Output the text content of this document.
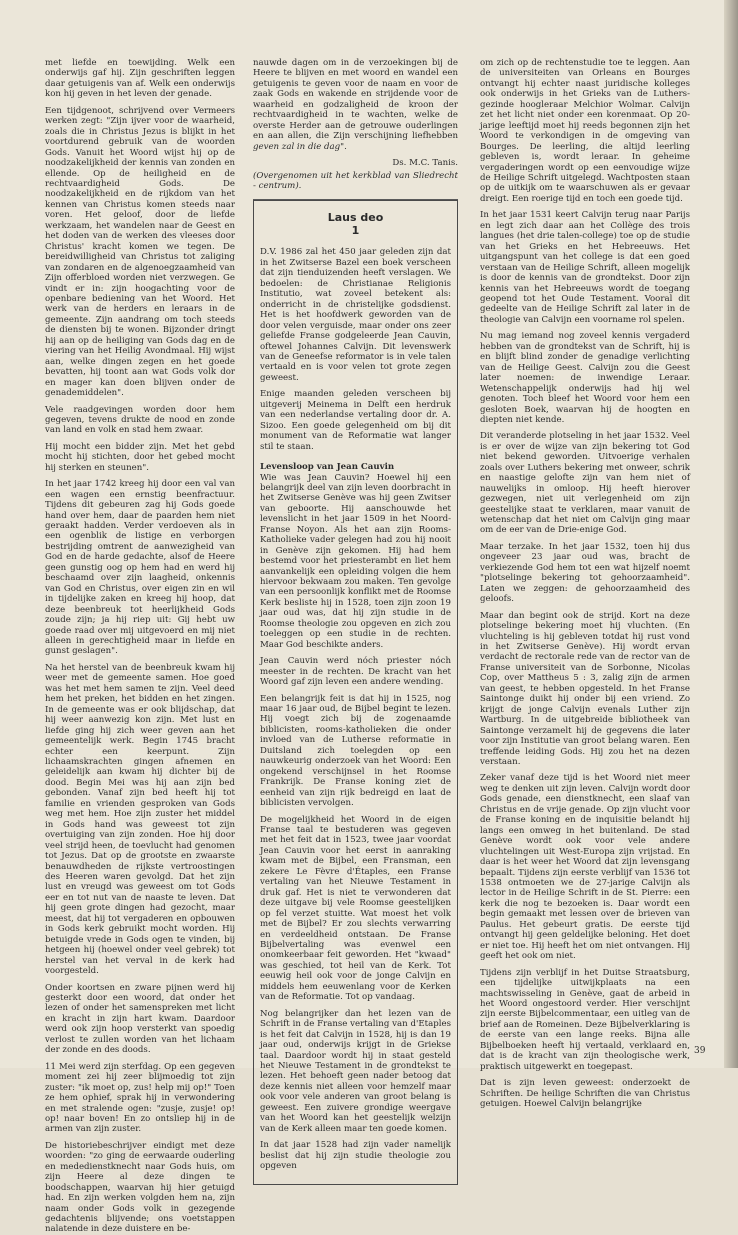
met liefde en toewijding. Welk een onderwijs gaf hij. Zijn geschriften leggen daar getuigenis van af. Welk een onderwijs kon hij geven in het leven der genade.

Een tijdgenoot, schrijvend over Vermeers werken zegt: "Zijn ijver voor de waarheid, zoals die in Christus Jezus is blijkt in het voortdurend gebruik van de woorden Gods. Vanuit het Woord wijst hij op de noodzakelijkheid der kennis van zonden en ellende. Op de heiligheid en de rechtvaardigheid Gods. De noodzakelijkheid en de rijkdom van het kennen van Christus komen steeds naar voren. Het geloof, door de liefde werkzaam, het wandelen naar de Geest en het doden van de werken des vleeses door Christus' kracht komen we tegen. De bereidwilligheid van Christus tot zaliging van zondaren en de algenoegzaamheid van Zijn offerbloed worden niet verzwegen. Ge vindt er in: zijn hoogachting voor de openbare bediening van het Woord. Het werk van de herders en leraars in de gemeente. Zijn aandrang om toch steeds de diensten bij te wonen. Bijzonder dringt hij aan op de heiliging van Gods dag en de viering van het Heilig Avondmaal. Hij wijst aan, welke dingen zegen en het goede bevatten, hij toont aan wat Gods volk dor en mager kan doen blijven onder de genademiddelen".

Vele raadgevingen worden door hem gegeven, tevens drukte de nood en zonde van land en volk en stad hem zwaar.

Hij mocht een bidder zijn. Met het gebd mocht hij stichten, door het gebed mocht hij sterken en steunen".

In het jaar 1742 kreeg hij door een val van een wagen een ernstig beenfractuur. Tijdens dit gebeuren zag hij Gods goede hand over hem, daar de paarden hem niet geraakt hadden. Verder verdoeven als in een ogenblik de listige en verborgen bestrijding omtrent de aanwezigheid van God en de harde gedachte, alsof de Heere geen gunstig oog op hem had en werd hij beschaamd over zijn laagheid, onkennis van God en Christus, over eigen zin en wil in tijdelijke zaken en kreeg hij hoop, dat deze beenbreuk tot heerlijkheid Gods zoude zijn; ja hij riep uit: Gij hebt uw goede raad over mij uitgevoerd en mij niet alleen in gerechtigheid maar in liefde en gunst geslagen".

Na het herstel van de beenbreuk kwam hij weer met de gemeente samen. Hoe goed was het met hem samen te zijn. Veel deed hem het preken, het bidden en het zingen. In de gemeente was er ook blijdschap, dat hij weer aanwezig kon zijn. Met lust en liefde ging hij zich weer geven aan het gemeentelijk werk. Begin 1745 bracht echter een keerpunt. Zijn lichaamskrachten gingen afnemen en geleidelijk aan kwam hij dichter bij de dood. Begin Mei was hij aan zijn bed gebonden. Vanaf zijn bed heeft hij tot familie en vrienden gesproken van Gods weg met hem. Hoe zijn zuster het middel in Gods hand was geweest tot zijn overtuiging van zijn zonden. Hoe hij door veel strijd heen, de toevlucht had genomen tot Jezus. Dat op de grootste en zwaarste benauwdheden de rijkste vertroostingen des Heeren waren gevolgd. Dat het zijn lust en vreugd was geweest om tot Gods eer en tot nut van de naaste te leven. Dat hij geen grote dingen had gezocht, maar meest, dat hij tot vergaderen en opbouwen in Gods kerk gebruikt mocht worden. Hij betuigde vrede in Gods ogen te vinden, bij hetgeen hij (hoewel onder veel gebrek) tot herstel van het verval in de kerk had voorgesteld.

Onder koortsen en zware pijnen werd hij gesterkt door een woord, dat onder het lezen of onder het samenspreken met licht en kracht in zijn hart kwam. Daardoor werd ook zijn hoop versterkt van spoedig verlost te zullen worden van het lichaam der zonde en des doods.

11 Mei werd zijn sterfdag. Op een gegeven moment zei hij zeer blijmoedig tot zijn zuster: "ik moet op, zus! help mij op!" Toen ze hem ophief, sprak hij in verwondering en met stralende ogen: "zusje, zusje! op! op! naar boven! En zo ontsliep hij in de armen van zijn zuster.

De historiebeschrijver eindigt met deze woorden: "zo ging de eerwaarde ouderling en mededienstknecht naar Gods huis, om zijn Heere al deze dingen te boodschappen, waarvan hij hier getuigd had. En zijn werken volgden hem na, zijn naam onder Gods volk in gezegende gedachtenis blijvende; ons voetstappen nalatende in deze duistere en be-

nauwde dagen om in de verzoekingen bij de Heere te blijven en met woord en wandel een getuigenis te geven voor de naam en voor de zaak Gods en wakende en strijdende voor de waarheid en godzaligheid de kroon der rechtvaardigheid in te wachten, welke de overste Herder aan de getrouwe ouderlingen en aan allen, die Zijn verschijning liefhebben geven zal in die dag".

Ds. M.C. Tanis.
(Overgenomen uit het kerkblad van Sliedrecht - centrum).
Laus deo
1

D.V. 1986 zal het 450 jaar geleden zijn dat in het Zwitserse Bazel een boek verscheen dat zijn tienduizenden heeft verslagen. We bedoelen: de Christianae Religionis Institutio, wat zoveel betekent als: onderricht in de christelijke godsdienst. Het is het hoofdwerk geworden van de door velen verguisde, maar onder ons zeer geliefde Franse godgeleerde Jean Cauvin, oftewel Johannes Calvijn. Dit levenswerk van de Geneefse reformator is in vele talen vertaald en is voor velen tot grote zegen geweest.

Enige maanden geleden verscheen bij uitgeverij Meinema in Delft een herdruk van een nederlandse vertaling door dr. A. Sizoo. Een goede gelegenheid om bij dit monument van de Reformatie wat langer stil te staan.

Levensloop van Jean Cauvin

Wie was Jean Cauvin? Hoewel hij een belangrijk deel van zijn leven doorbracht in het Zwitserse Genève was hij geen Zwitser van geboorte. Hij aanschouwde het levenslicht in het jaar 1509 in het Noord-Franse Noyon. Als het aan zijn Rooms-Katholieke vader gelegen had zou hij nooit in Genève zijn gekomen. Hij had hem bestemd voor het priesterambt en liet hem aanvankelijk een opleiding volgen die hem hiervoor bekwaam zou maken. Ten gevolge van een persoonlijk konflikt met de Roomse Kerk besliste hij in 1528, toen zijn zoon 19 jaar oud was, dat hij zijn studie in de Roomse theologie zou opgeven en zich zou toeleggen op een studie in de rechten. Maar God beschikte anders.

Jean Cauvin werd nóch priester nóch meester in de rechten. De kracht van het Woord gaf zijn leven een andere wending.

Een belangrijk feit is dat hij in 1525, nog maar 16 jaar oud, de Bijbel begint te lezen. Hij voegt zich bij de zogenaamde biblicisten, rooms-katholieken die onder invloed van de Lutherse reformatie in Duitsland zich toelegden op een nauwkeurig onderzoek van het Woord: Een ongekend verschijnsel in het Roomse Frankrijk. De Franse koning ziet de eenheid van zijn rijk bedreigd en laat de biblicisten vervolgen.

De mogelijkheid het Woord in de eigen Franse taal te bestuderen was gegeven met het feit dat in 1523, twee jaar voordat Jean Cauvin voor het eerst in aanraking kwam met de Bijbel, een Fransman, een zekere Le Fèvre d'Étaples, een Franse vertaling van het Nieuwe Testament in druk gaf. Het is niet te verwonderen dat deze uitgave bij vele Roomse geestelijken op fel verzet stuitte. Wat moest het volk met de Bijbel? Er zou slechts verwarring en verdeeldheid ontstaan. De Franse Bijbelvertaling was evenwel een onomkeerbaar feit geworden. Het "kwaad" was geschied, tot heil van de Kerk. Tot eeuwig heil ook voor de jonge Calvijn en middels hem eeuwenlang voor de Kerken van de Reformatie. Tot op vandaag.

Nog belangrijker dan het lezen van de Schrift in de Franse vertaling van d'Etaples is het feit dat Calvijn in 1528, hij is dan 19 jaar oud, onderwijs krijgt in de Griekse taal. Daardoor wordt hij in staat gesteld het Nieuwe Testament in de grondtekst te lezen. Het behoeft geen nader betoog dat deze kennis niet alleen voor hemzelf maar ook voor vele anderen van groot belang is geweest. Een zuivere grondige weergave van het Woord kan het geestelijk welzijn van de Kerk alleen maar ten goede komen.

In dat jaar 1528 had zijn vader namelijk beslist dat hij zijn studie theologie zou opgeven

om zich op de rechtenstudie toe te leggen. Aan de universiteiten van Orleans en Bourges ontvangt hij echter naast juridische kolleges ook onderwijs in het Grieks van de Luthers-gezinde hoogleraar Melchior Wolmar. Calvijn zet het licht niet onder een korenmaat. Op 20-jarige leeftijd moet hij reeds begonnen zijn het Woord te verkondigen in de omgeving van Bourges. De leerling, die altijd leerling gebleven is, wordt leraar. In geheime vergaderingen wordt op een eenvoudige wijze de Heilige Schrift uitgelegd. Wachtposten staan op de uitkijk om te waarschuwen als er gevaar dreigt. Een roerige tijd en toch een goede tijd.

In het jaar 1531 keert Calvijn terug naar Parijs en legt zich daar aan het Collège des trois langues (het drie talen-college) toe op de studie van het Grieks en het Hebreeuws. Het uitgangspunt van het college is dat een goed verstaan van de Heilige Schrift, alleen mogelijk is door de kennis van de grondtekst. Door zijn kennis van het Hebreeuws wordt de toegang geopend tot het Oude Testament. Vooral dit gedeelte van de Heilige Schrift zal later in de theologie van Calvijn een voorname rol spelen.

Nu mag iemand nog zoveel kennis vergaderd hebben van de grondtekst van de Schrift, hij is en blijft blind zonder de genadige verlichting van de Heilige Geest. Calvijn zou die Geest later noemen: de inwendige Leraar. Wetenschappelijk onderwijs had hij wel genoten. Toch bleef het Woord voor hem een gesloten Boek, waarvan hij de hoogten en diepten niet kende.

Dit veranderde plotseling in het jaar 1532. Veel is er over de wijze van zijn bekering tot God niet bekend geworden. Uitvoerige verhalen zoals over Luthers bekering met onweer, schrik en naastige gelofte zijn van hem niet of nauwelijks in omloop. Hij heeft hierover gezwegen, niet uit verlegenheid om zijn geestelijke staat te verklaren, maar vanuit de wetenschap dat het niet om Calvijn ging maar om de eer van de Drie-enige God.

Maar terzake. In het jaar 1532, toen hij dus ongeveer 23 jaar oud was, bracht de verkiezende God hem tot een wat hijzelf noemt "plotselinge bekering tot gehoorzaamheid". Laten we zeggen: de gehoorzaamheid des geloofs.

Maar dan begint ook de strijd. Kort na deze plotselinge bekering moet hij vluchten. (En vluchteling is hij gebleven totdat hij rust vond in het Zwitserse Genève). Hij wordt ervan verdacht de rectorale rede van de rector van de Franse universiteit van de Sorbonne, Nicolas Cop, over Mattheus 5 : 3, zalig zijn de armen van geest, te hebben opgesteld. In het Franse Saintonge duikt hij onder bij een vriend. Zo krijgt de jonge Calvijn evenals Luther zijn Wartburg. In de uitgebreide bibliotheek van Saintonge verzamelt hij de gegevens die later voor zijn Institutie van groot belang waren. Een treffende leiding Gods. Hij zou het na dezen verstaan.

Zeker vanaf deze tijd is het Woord niet meer weg te denken uit zijn leven. Calvijn wordt door Gods genade, een dienstknecht, een slaaf van Christus en de vrije genade. Op zijn vlucht voor de Franse koning en de inquisitie belandt hij langs een omweg in het buitenland. De stad Genève wordt ook voor vele andere vluchtelingen uit West-Europa zijn vrijstad. En daar is het weer het Woord dat zijn levensgang bepaalt. Tijdens zijn eerste verblijf van 1536 tot 1538 ontmoeten we de 27-jarige Calvijn als lector in de Heilige Schrift in de St. Pierre: een kerk die nog te bezoeken is. Daar wordt een begin gemaakt met lessen over de brieven van Paulus. Het gebeurt gratis. De eerste tijd ontvangt hij geen geldelijke beloning. Het doet er niet toe. Hij heeft het om niet ontvangen. Hij geeft het ook om niet.

Tijdens zijn verblijf in het Duitse Straatsburg, een tijdelijke uitwijkplaats na een machtswisseling in Genève, gaat de arbeid in het Woord ongestoord verder. Hier verschijnt zijn eerste Bijbelcommentaar, een uitleg van de brief aan de Romeinen. Deze Bijbelverklaring is de eerste van een lange reeks. Bijna alle Bijbelboeken heeft hij vertaald, verklaard en, dat is de kracht van zijn theologische werk, praktisch uitgewerkt en toegepast.

Dat is zijn leven geweest: onderzoekt de Schriften. De heilige Schriften die van Christus getuigen. Hoewel Calvijn belangrijke

39
